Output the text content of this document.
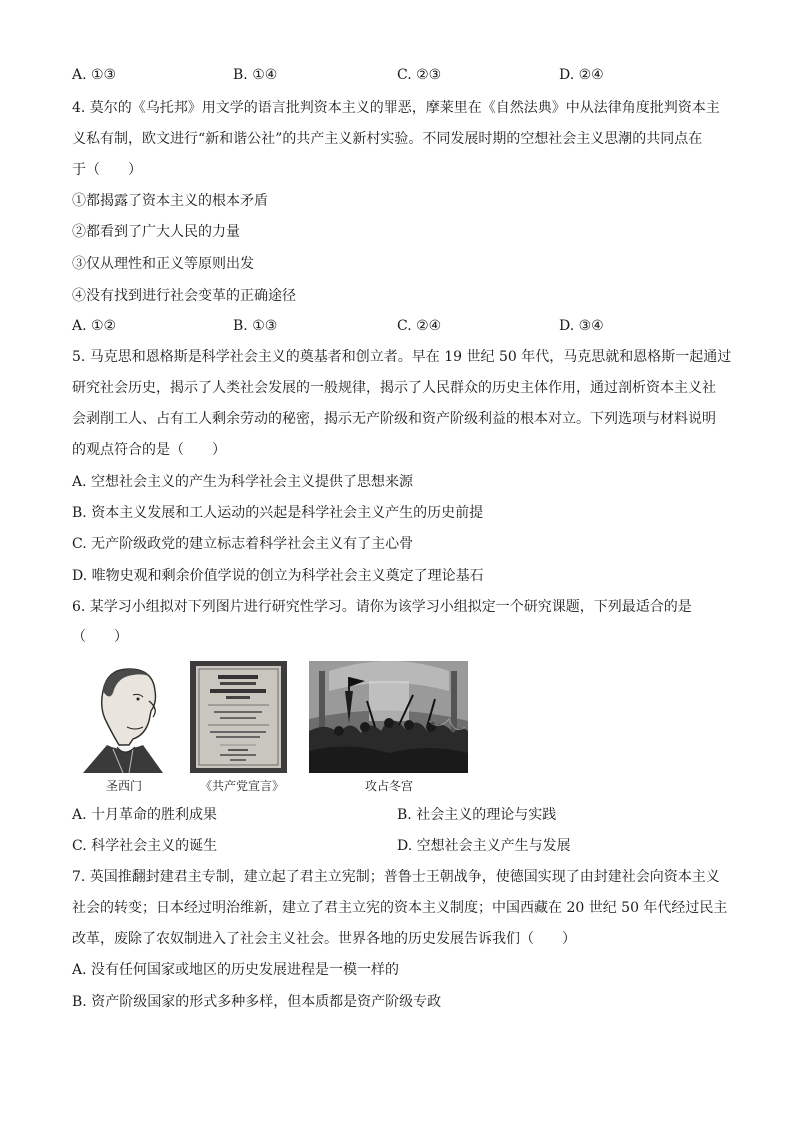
A. ①③	B. ①④	C. ②③	D. ②④
4. 莫尔的《乌托邦》用文学的语言批判资本主义的罪恶，摩莱里在《自然法典》中从法律角度批判资本主
义私有制，欧文进行“新和谐公社”的共产主义新村实验。不同发展时期的空想社会主义思潮的共同点在
于（　　）
①都揭露了资本主义的根本矛盾
②都看到了广大人民的力量
③仅从理性和正义等原则出发
④没有找到进行社会变革的正确途径
A. ①②	B. ①③	C. ②④	D. ③④
5. 马克思和恩格斯是科学社会主义的奠基者和创立者。早在 19 世纪 50 年代，马克思就和恩格斯一起通过
研究社会历史，揭示了人类社会发展的一般规律，揭示了人民群众的历史主体作用，通过剖析资本主义社
会剥削工人、占有工人剩余劳动的秘密，揭示无产阶级和资产阶级利益的根本对立。下列选项与材料说明
的观点符合的是（　　）
A. 空想社会主义的产生为科学社会主义提供了思想来源
B. 资本主义发展和工人运动的兴起是科学社会主义产生的历史前提
C. 无产阶级政党的建立标志着科学社会主义有了主心骨
D. 唯物史观和剩余价值学说的创立为科学社会主义奠定了理论基石
6. 某学习小组拟对下列图片进行研究性学习。请你为该学习小组拟定一个研究课题，下列最适合的是
（　　）
圣西门	《共产党宣言》	攻占冬宫
A. 十月革命的胜利成果	B. 社会主义的理论与实践
C. 科学社会主义的诞生	D. 空想社会主义产生与发展
7. 英国推翻封建君主专制，建立起了君主立宪制；普鲁士王朝战争，使德国实现了由封建社会向资本主义
社会的转变；日本经过明治维新，建立了君主立宪的资本主义制度；中国西藏在 20 世纪 50 年代经过民主
改革，废除了农奴制进入了社会主义社会。世界各地的历史发展告诉我们（　　）
A. 没有任何国家或地区的历史发展进程是一模一样的
B. 资产阶级国家的形式多种多样，但本质都是资产阶级专政
